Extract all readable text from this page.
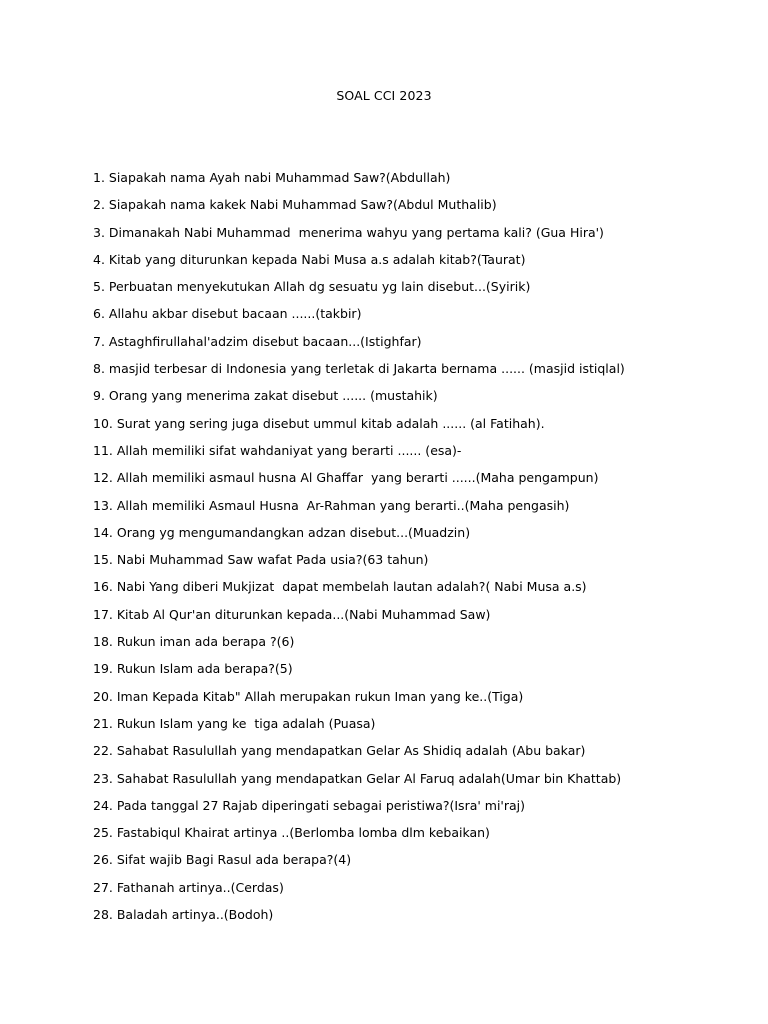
SOAL CCI 2023
1. Siapakah nama Ayah nabi Muhammad Saw?(Abdullah)
2. Siapakah nama kakek Nabi Muhammad Saw?(Abdul Muthalib)
3. Dimanakah Nabi Muhammad  menerima wahyu yang pertama kali? (Gua Hira')
4. Kitab yang diturunkan kepada Nabi Musa a.s adalah kitab?(Taurat)
5. Perbuatan menyekutukan Allah dg sesuatu yg lain disebut...(Syirik)
6. Allahu akbar disebut bacaan ......(takbir)
7. Astaghfirullahal'adzim disebut bacaan...(Istighfar)
8. masjid terbesar di Indonesia yang terletak di Jakarta bernama ...... (masjid istiqlal)
9. Orang yang menerima zakat disebut ...... (mustahik)
10. Surat yang sering juga disebut ummul kitab adalah ...... (al Fatihah).
11. Allah memiliki sifat wahdaniyat yang berarti ...... (esa)-
12. Allah memiliki asmaul husna Al Ghaffar  yang berarti ......(Maha pengampun)
13. Allah memiliki Asmaul Husna  Ar-Rahman yang berarti..(Maha pengasih)
14. Orang yg mengumandangkan adzan disebut...(Muadzin)
15. Nabi Muhammad Saw wafat Pada usia?(63 tahun)
16. Nabi Yang diberi Mukjizat  dapat membelah lautan adalah?( Nabi Musa a.s)
17. Kitab Al Qur'an diturunkan kepada...(Nabi Muhammad Saw)
18. Rukun iman ada berapa ?(6)
19. Rukun Islam ada berapa?(5)
20. Iman Kepada Kitab" Allah merupakan rukun Iman yang ke..(Tiga)
21. Rukun Islam yang ke  tiga adalah (Puasa)
22. Sahabat Rasulullah yang mendapatkan Gelar As Shidiq adalah (Abu bakar)
23. Sahabat Rasulullah yang mendapatkan Gelar Al Faruq adalah(Umar bin Khattab)
24. Pada tanggal 27 Rajab diperingati sebagai peristiwa?(Isra' mi'raj)
25. Fastabiqul Khairat artinya ..(Berlomba lomba dlm kebaikan)
26. Sifat wajib Bagi Rasul ada berapa?(4)
27. Fathanah artinya..(Cerdas)
28. Baladah artinya..(Bodoh)
